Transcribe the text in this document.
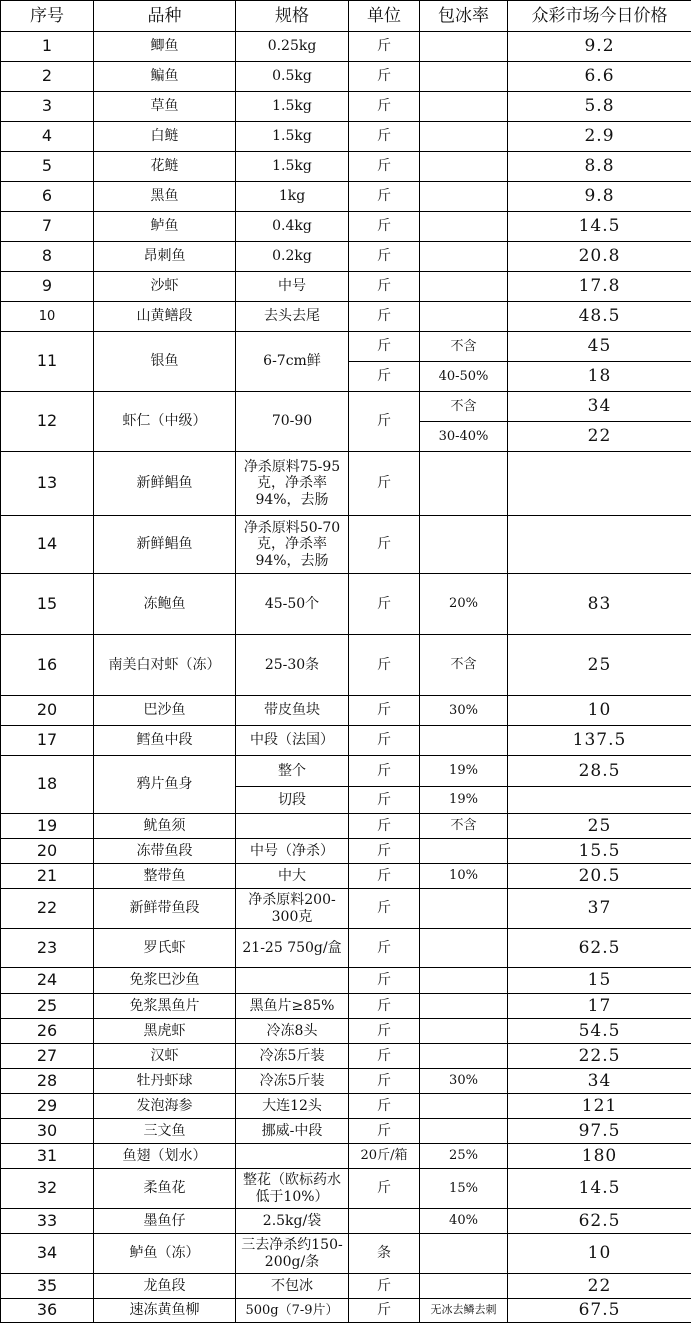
序号	品种	规格	单位	包冰率	众彩市场今日价格
1	鲫鱼	0.25kg	斤		9.2
2	鳊鱼	0.5kg	斤		6.6
3	草鱼	1.5kg	斤		5.8
4	白鲢	1.5kg	斤		2.9
5	花鲢	1.5kg	斤		8.8
6	黑鱼	1kg	斤		9.8
7	鲈鱼	0.4kg	斤		14.5
8	昂刺鱼	0.2kg	斤		20.8
9	沙虾	中号	斤		17.8
10	山黄鳝段	去头去尾	斤		48.5
11	银鱼	6-7cm鲜	斤	不含	45
			斤	40-50%	18
12	虾仁（中级）	70-90	斤	不含	34
				30-40%	22
13	新鲜鲳鱼	净杀原料75-95克，净杀率94%，去肠	斤		
14	新鲜鲳鱼	净杀原料50-70克，净杀率94%，去肠	斤		
15	冻鲍鱼	45-50个	斤	20%	83
16	南美白对虾（冻）	25-30条	斤	不含	25
20	巴沙鱼	带皮鱼块	斤	30%	10
17	鳕鱼中段	中段（法国）	斤		137.5
18	鸦片鱼身	整个	斤	19%	28.5
		切段	斤	19%	
19	鱿鱼须		斤	不含	25
20	冻带鱼段	中号（净杀）	斤		15.5
21	整带鱼	中大	斤	10%	20.5
22	新鲜带鱼段	净杀原料200-300克	斤		37
23	罗氏虾	21-25 750g/盒	斤		62.5
24	免浆巴沙鱼		斤		15
25	免浆黑鱼片	黑鱼片≥85%	斤		17
26	黑虎虾	冷冻8头	斤		54.5
27	汉虾	冷冻5斤装	斤		22.5
28	牡丹虾球	冷冻5斤装	斤	30%	34
29	发泡海参	大连12头	斤		121
30	三文鱼	挪威-中段	斤		97.5
31	鱼翅（划水）		20斤/箱	25%	180
32	柔鱼花	整花（欧标药水低于10%）	斤	15%	14.5
33	墨鱼仔	2.5kg/袋		40%	62.5
34	鲈鱼（冻）	三去净杀约150-200g/条	条		10
35	龙鱼段	不包冰	斤		22
36	速冻黄鱼柳	500g（7-9片）	斤	无冰去鳞去刺	67.5
